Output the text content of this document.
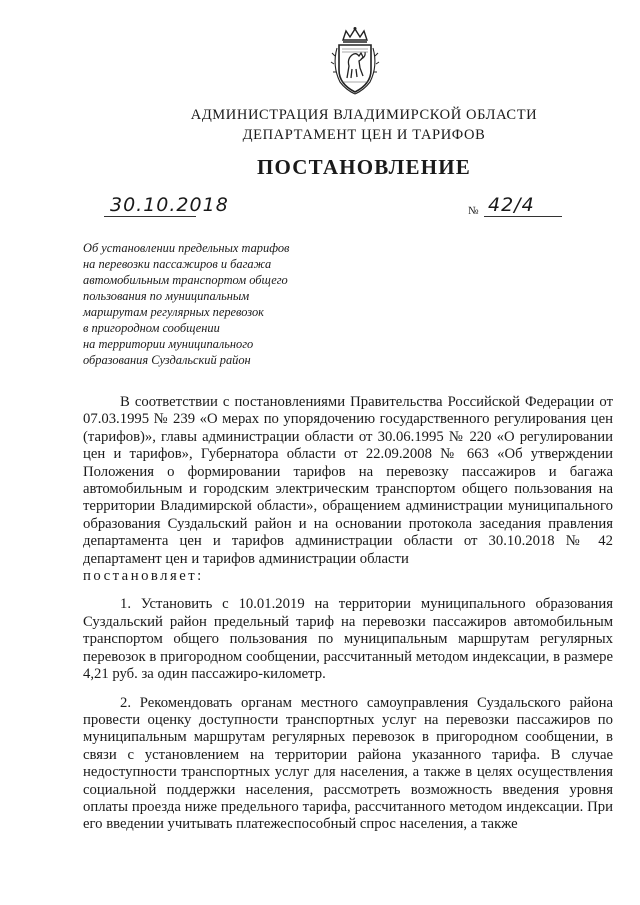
АДМИНИСТРАЦИЯ ВЛАДИМИРСКОЙ ОБЛАСТИ
ДЕПАРТАМЕНТ ЦЕН И ТАРИФОВ
ПОСТАНОВЛЕНИЕ
30.10.2018	№ 42/4
Об установлении предельных тарифов
на перевозки пассажиров и багажа
автомобильным транспортом общего
пользования по муниципальным
маршрутам регулярных перевозок
в пригородном сообщении
на территории муниципального
образования Суздальский район

В соответствии с постановлениями Правительства Российской Федерации от 07.03.1995 № 239 «О мерах по упорядочению государственного регулирования цен (тарифов)», главы администрации области от 30.06.1995 № 220 «О регулировании цен и тарифов», Губернатора области от 22.09.2008 № 663 «Об утверждении Положения о формировании тарифов на перевозку пассажиров и багажа автомобильным и городским электрическим транспортом общего пользования на территории Владимирской области», обращением администрации муниципального образования Суздальский район и на основании протокола заседания правления департамента цен и тарифов администрации области от 30.10.2018 № 42 департамент цен и тарифов администрации области

постановляет:

1. Установить с 10.01.2019 на территории муниципального образования Суздальский район предельный тариф на перевозки пассажиров автомобильным транспортом общего пользования по муниципальным маршрутам регулярных перевозок в пригородном сообщении, рассчитанный методом индексации, в размере 4,21 руб. за один пассажиро-километр.

2. Рекомендовать органам местного самоуправления Суздальского района провести оценку доступности транспортных услуг на перевозки пассажиров по муниципальным маршрутам регулярных перевозок в пригородном сообщении, в связи с установлением на территории района указанного тарифа. В случае недоступности транспортных услуг для населения, а также в целях осуществления социальной поддержки населения, рассмотреть возможность введения уровня оплаты проезда ниже предельного тарифа, рассчитанного методом индексации. При его введении учитывать платежеспособный спрос населения, а также
